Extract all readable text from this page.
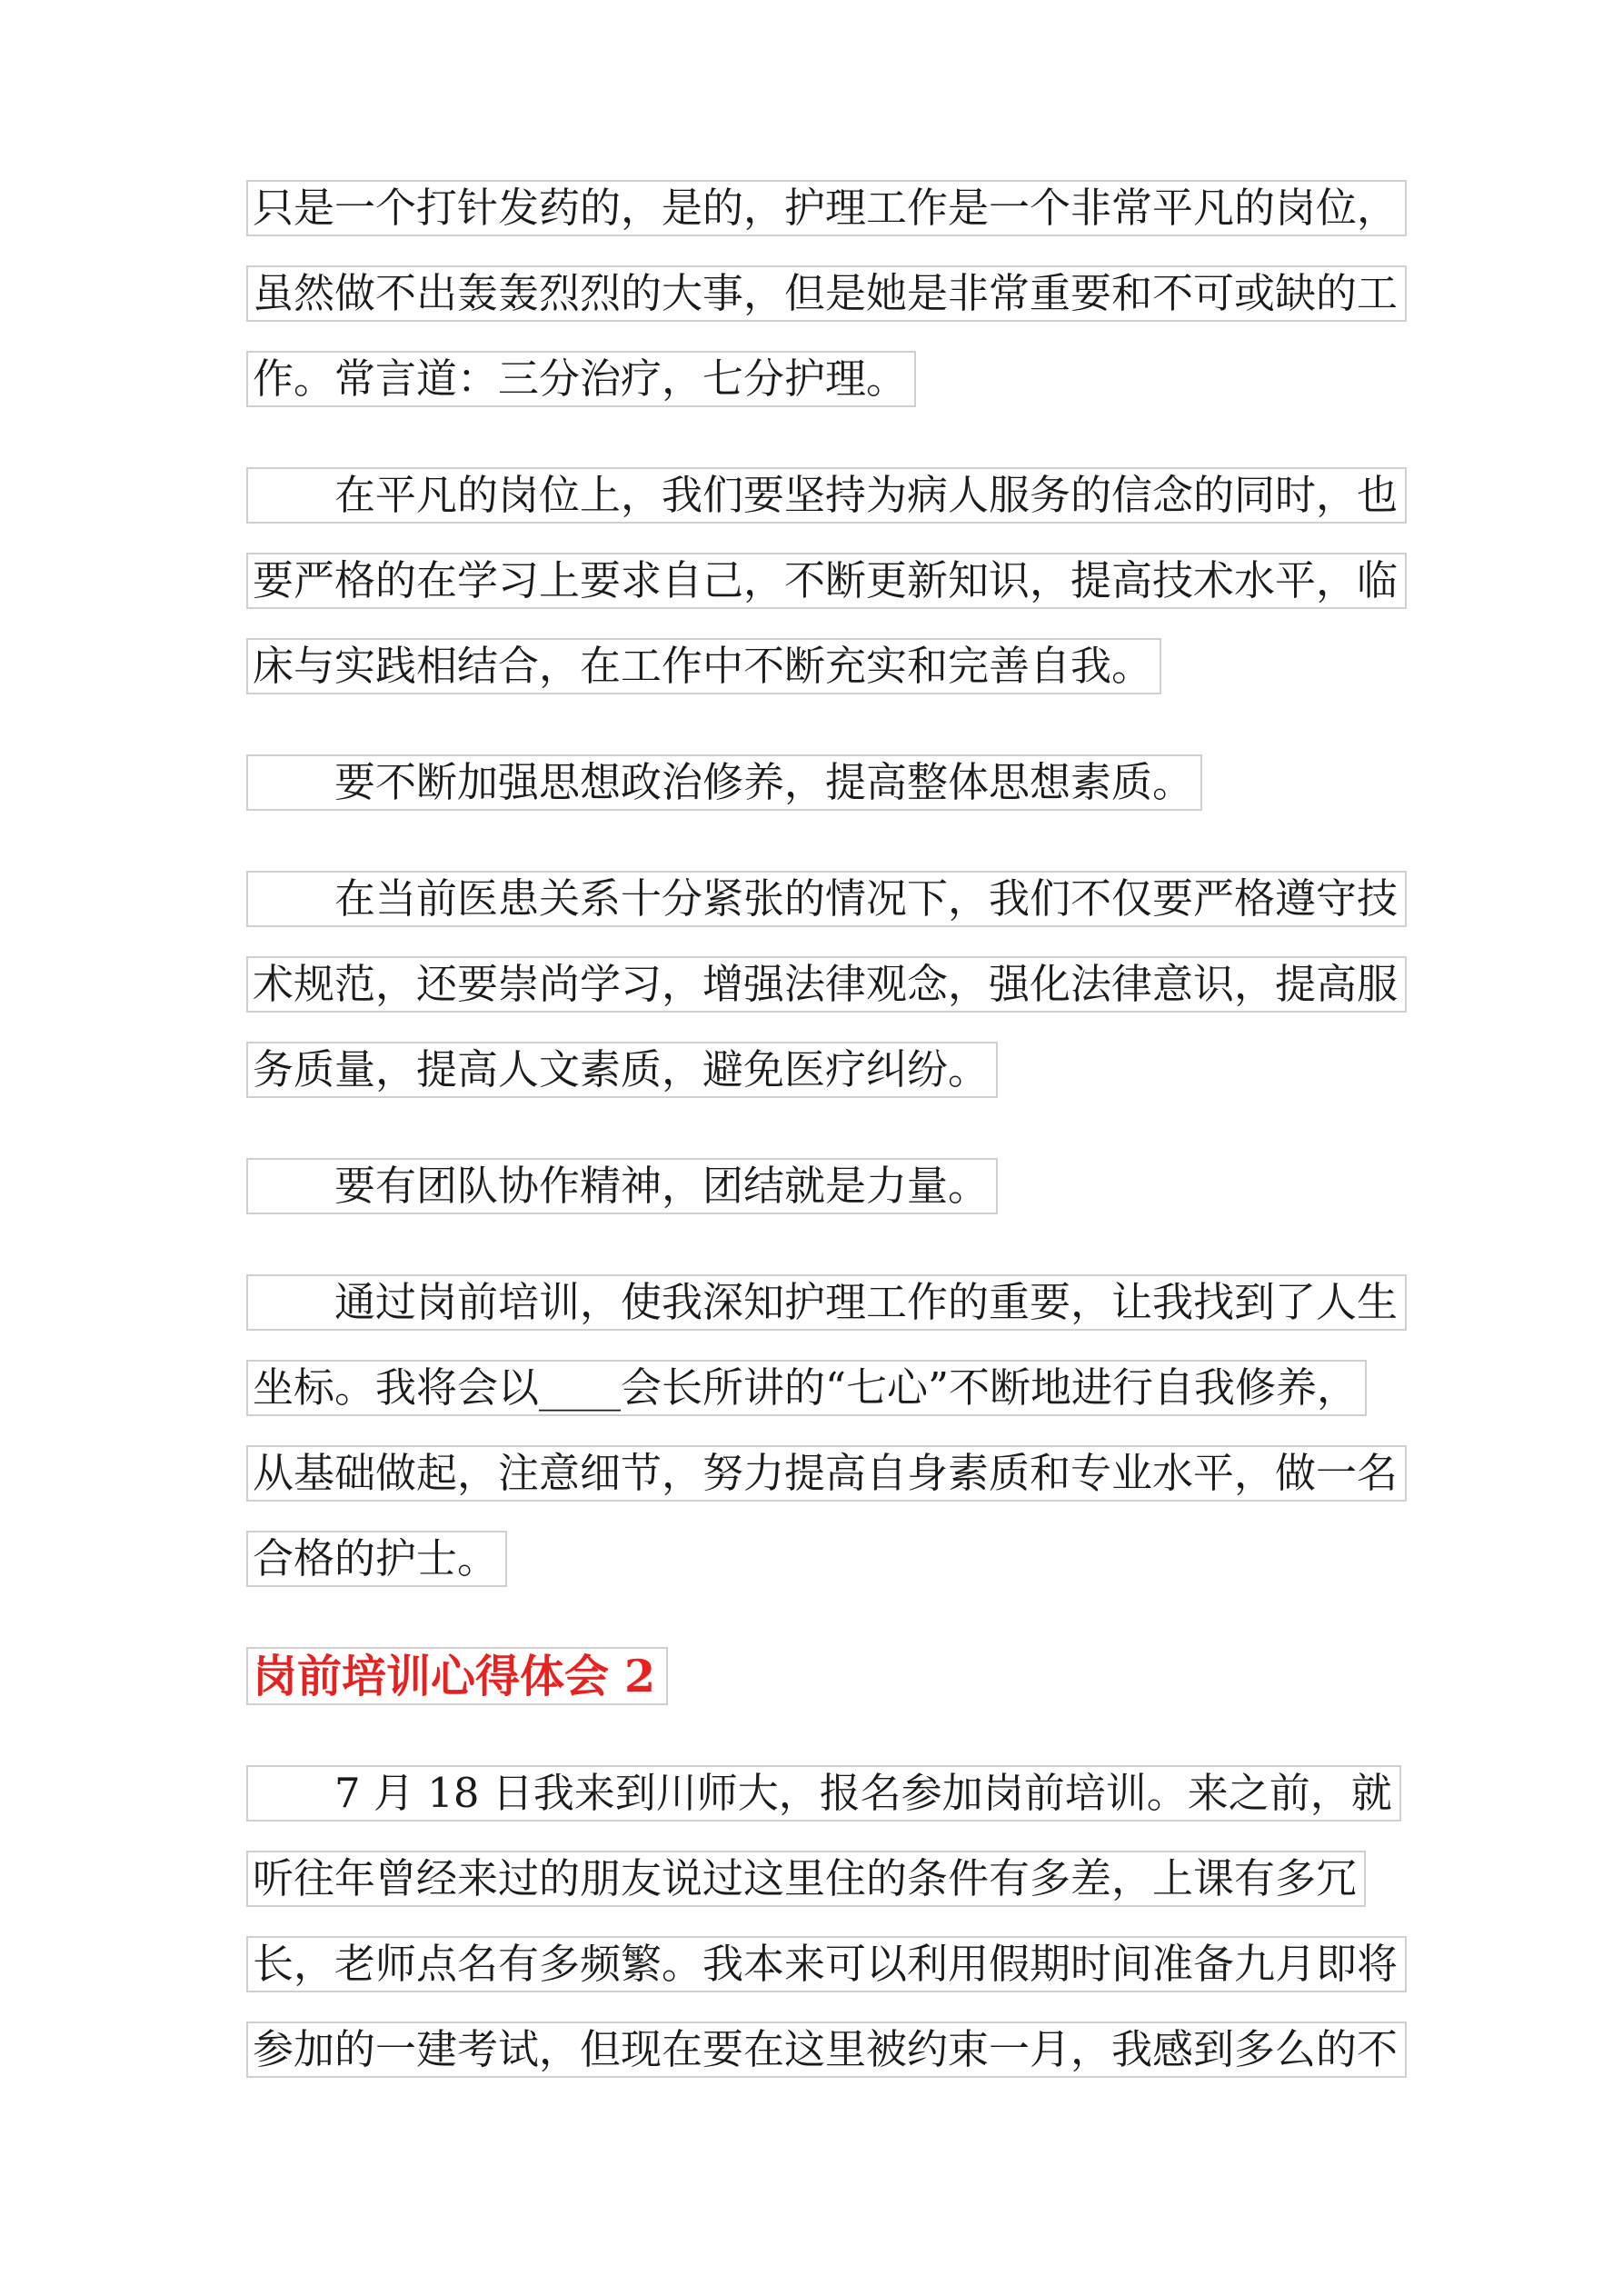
只是一个打针发药的，是的，护理工作是一个非常平凡的岗位，
虽然做不出轰轰烈烈的大事，但是她是非常重要和不可或缺的工
作。常言道：三分治疗，七分护理。
在平凡的岗位上，我们要坚持为病人服务的信念的同时，也
要严格的在学习上要求自己，不断更新知识，提高技术水平，临
床与实践相结合，在工作中不断充实和完善自我。
要不断加强思想政治修养，提高整体思想素质。
在当前医患关系十分紧张的情况下，我们不仅要严格遵守技
术规范，还要崇尚学习，增强法律观念，强化法律意识，提高服
务质量，提高人文素质，避免医疗纠纷。
要有团队协作精神，团结就是力量。
通过岗前培训，使我深知护理工作的重要，让我找到了人生
坐标。我将会以____会长所讲的“七心”不断地进行自我修养，
从基础做起，注意细节，努力提高自身素质和专业水平，做一名
合格的护士。
岗前培训心得体会 2
7 月 18 日我来到川师大，报名参加岗前培训。来之前，就
听往年曾经来过的朋友说过这里住的条件有多差，上课有多冗
长，老师点名有多频繁。我本来可以利用假期时间准备九月即将
参加的一建考试，但现在要在这里被约束一月，我感到多么的不
